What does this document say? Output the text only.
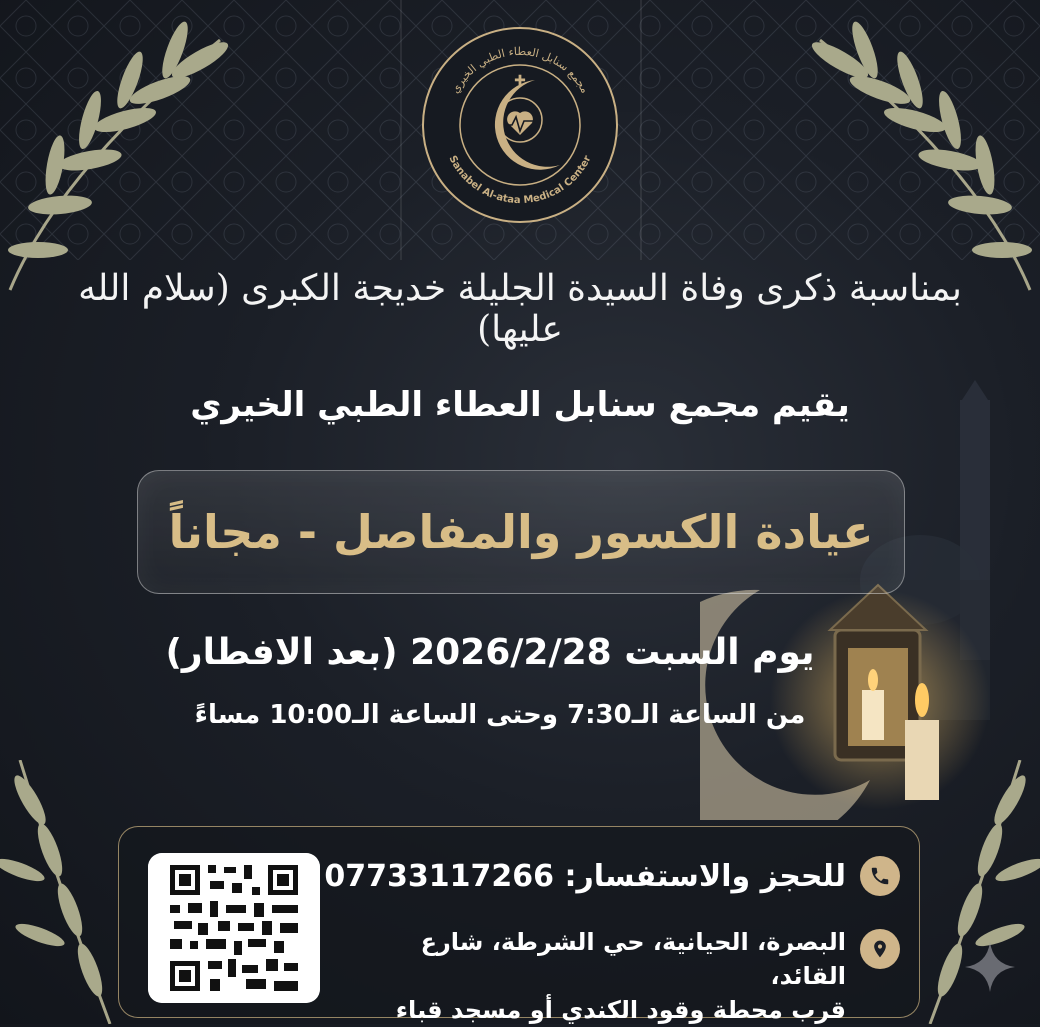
مجمع سنابل العطاء الطبي الخيري
Sanabel Al-ataa Medical Center
✚
بمناسبة ذكرى وفاة السيدة الجليلة خديجة الكبرى (سلام الله عليها)
يقيم مجمع سنابل العطاء الطبي الخيري
عيادة الكسور والمفاصل - مجاناً
يوم السبت 2026/2/28 (بعد الافطار)
من الساعة الـ7:30 وحتى الساعة الـ10:00 مساءً
للحجز والاستفسار: 07733117266
البصرة، الحيانية، حي الشرطة، شارع القائد،
قرب محطة وقود الكندي أو مسجد قباء
